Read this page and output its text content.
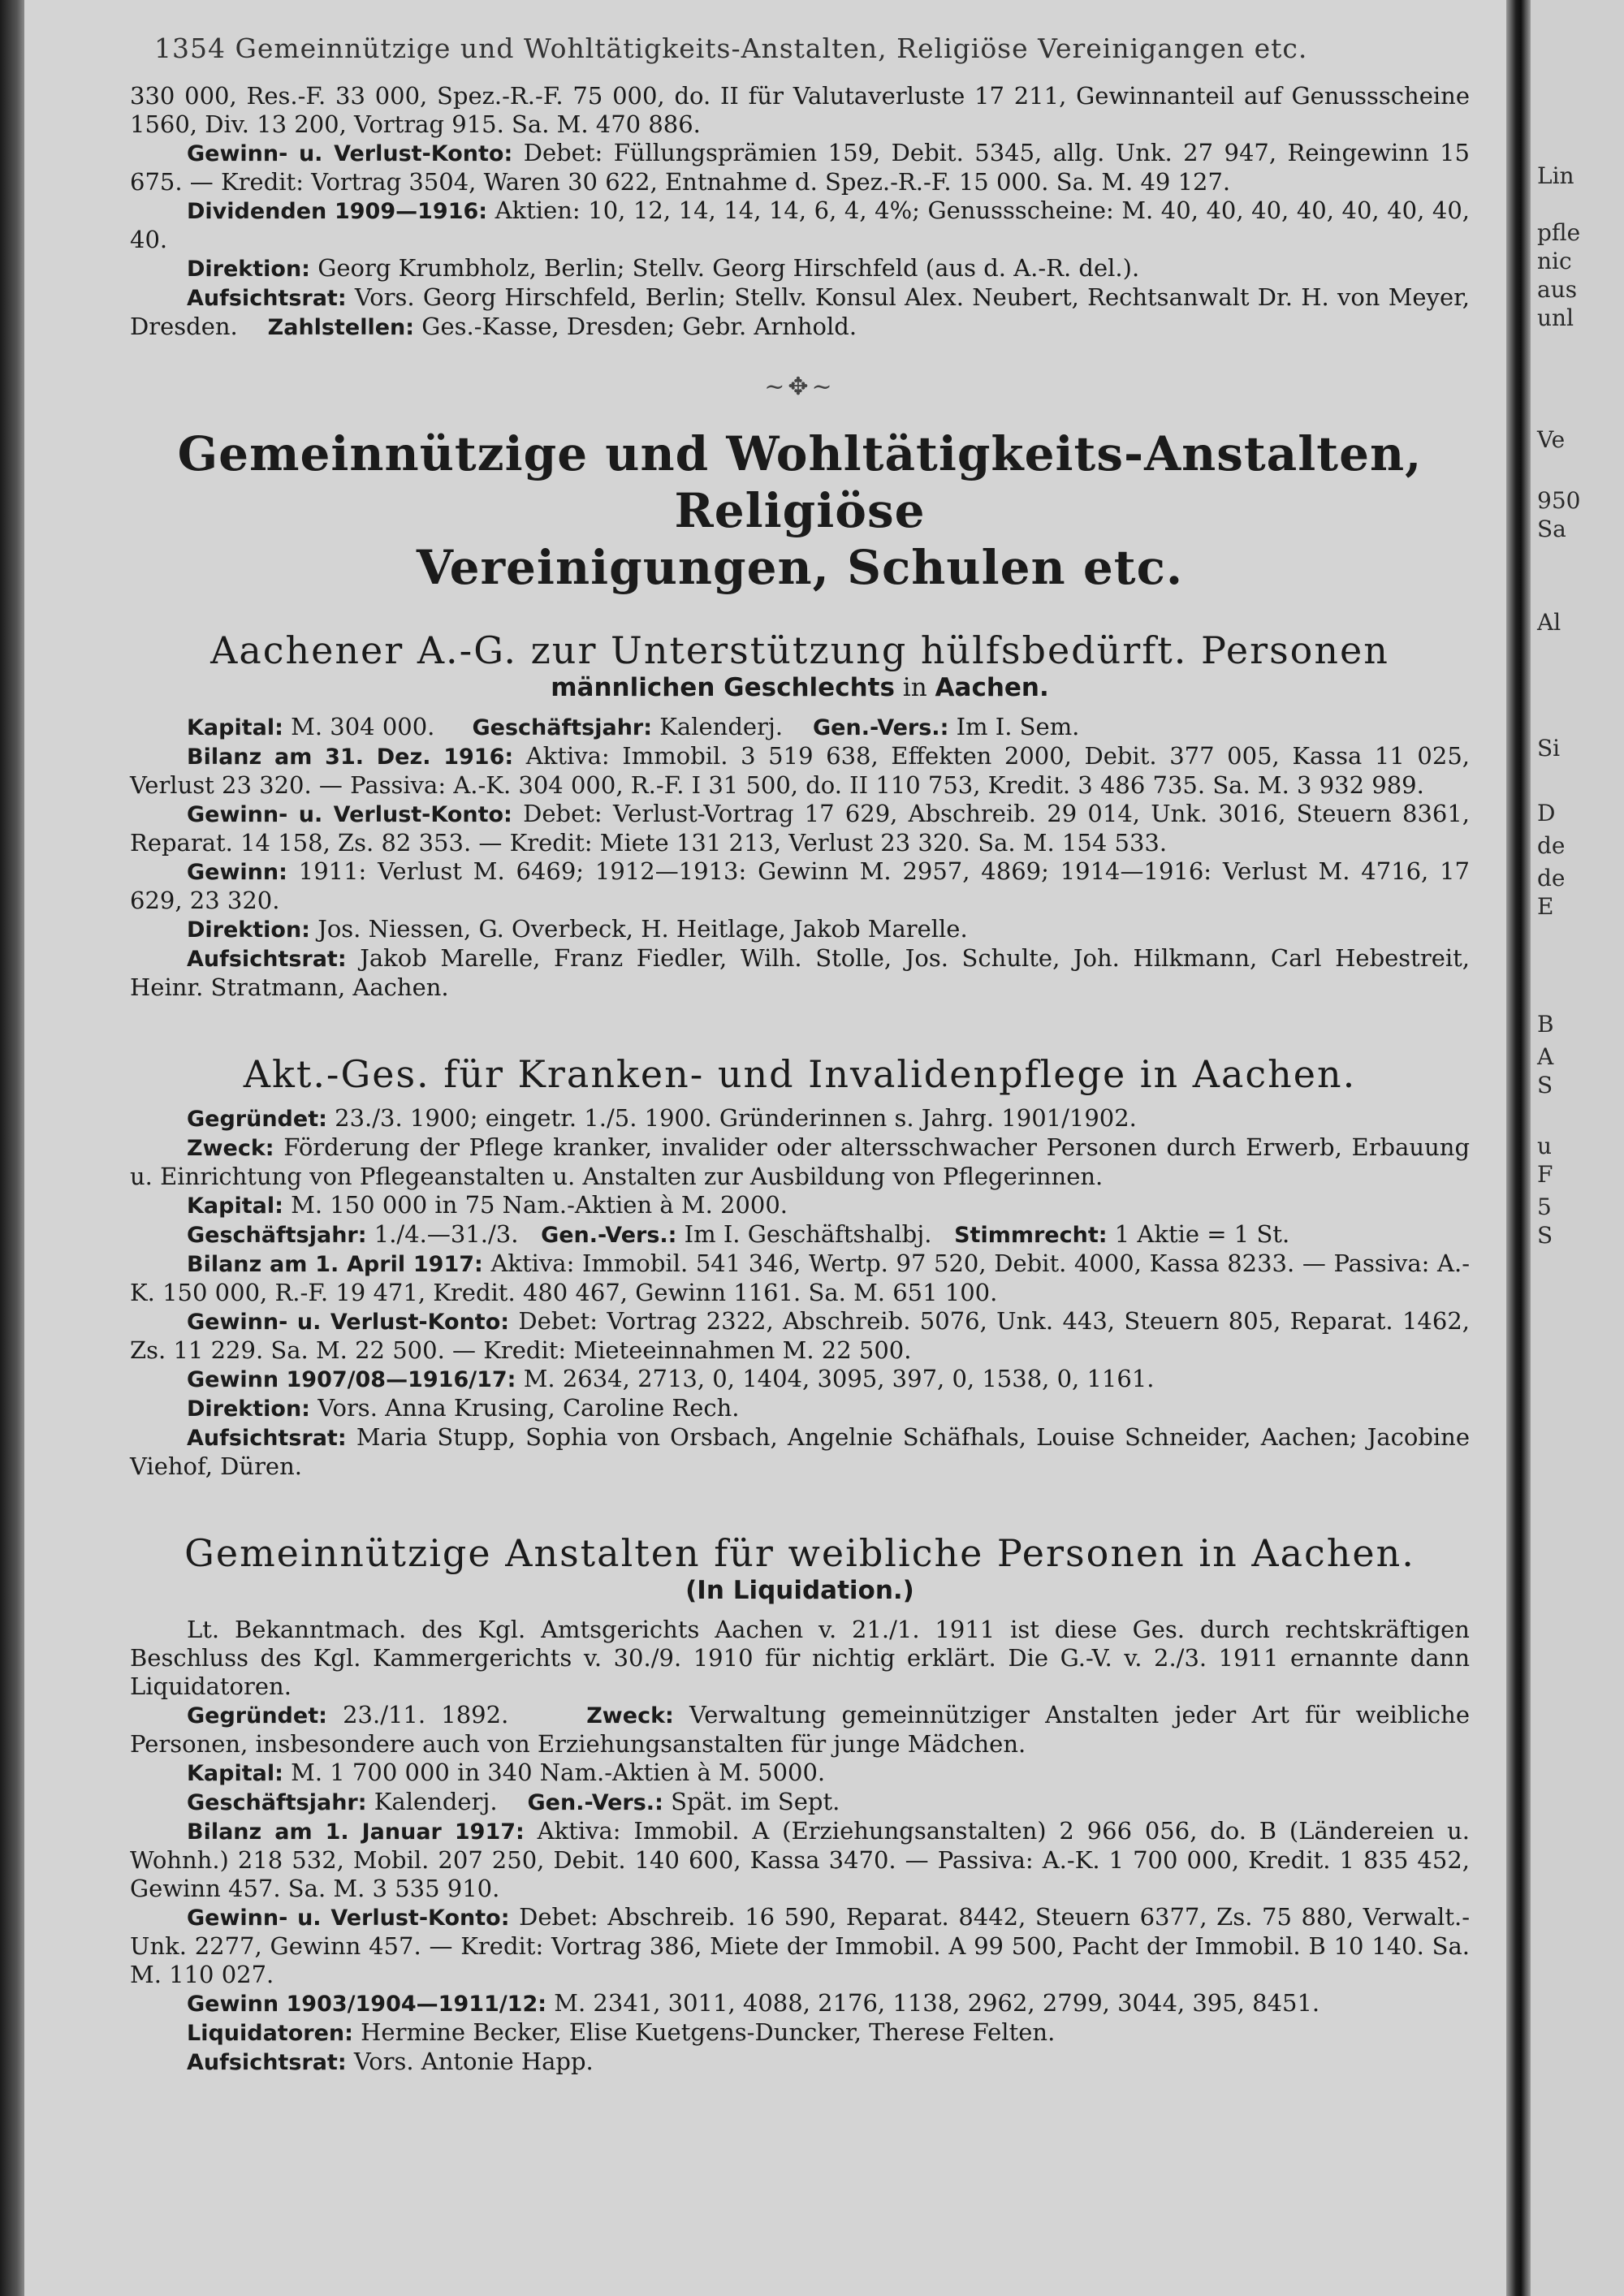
1354 Gemeinnützige und Wohltätigkeits-Anstalten, Religiöse Vereinigangen etc.

330 000, Res.-F. 33 000, Spez.-R.-F. 75 000, do. II für Valutaverluste 17 211, Gewinnanteil auf Genussscheine 1560, Div. 13 200, Vortrag 915. Sa. M. 470 886.

Gewinn- u. Verlust-Konto: Debet: Füllungsprämien 159, Debit. 5345, allg. Unk. 27 947, Reingewinn 15 675. — Kredit: Vortrag 3504, Waren 30 622, Entnahme d. Spez.-R.-F. 15 000. Sa. M. 49 127.

Dividenden 1909—1916: Aktien: 10, 12, 14, 14, 14, 6, 4, 4%; Genussscheine: M. 40, 40, 40, 40, 40, 40, 40, 40.

Direktion: Georg Krumbholz, Berlin; Stellv. Georg Hirschfeld (aus d. A.-R. del.).

Aufsichtsrat: Vors. Georg Hirschfeld, Berlin; Stellv. Konsul Alex. Neubert, Rechtsanwalt Dr. H. von Meyer, Dresden. Zahlstellen: Ges.-Kasse, Dresden; Gebr. Arnhold.

~✥~
Gemeinnützige und Wohltätigkeits-Anstalten, Religiöse
Vereinigungen, Schulen etc.
Aachener A.-G. zur Unterstützung hülfsbedürft. Personen
männlichen Geschlechts in Aachen.

Kapital: M. 304 000. Geschäftsjahr: Kalenderj. Gen.-Vers.: Im I. Sem.

Bilanz am 31. Dez. 1916: Aktiva: Immobil. 3 519 638, Effekten 2000, Debit. 377 005, Kassa 11 025, Verlust 23 320. — Passiva: A.-K. 304 000, R.-F. I 31 500, do. II 110 753, Kredit. 3 486 735. Sa. M. 3 932 989.

Gewinn- u. Verlust-Konto: Debet: Verlust-Vortrag 17 629, Abschreib. 29 014, Unk. 3016, Steuern 8361, Reparat. 14 158, Zs. 82 353. — Kredit: Miete 131 213, Verlust 23 320. Sa. M. 154 533.

Gewinn: 1911: Verlust M. 6469; 1912—1913: Gewinn M. 2957, 4869; 1914—1916: Verlust M. 4716, 17 629, 23 320.

Direktion: Jos. Niessen, G. Overbeck, H. Heitlage, Jakob Marelle.

Aufsichtsrat: Jakob Marelle, Franz Fiedler, Wilh. Stolle, Jos. Schulte, Joh. Hilkmann, Carl Hebestreit, Heinr. Stratmann, Aachen.

Akt.-Ges. für Kranken- und Invalidenpflege in Aachen.

Gegründet: 23./3. 1900; eingetr. 1./5. 1900. Gründerinnen s. Jahrg. 1901/1902.

Zweck: Förderung der Pflege kranker, invalider oder altersschwacher Personen durch Erwerb, Erbauung u. Einrichtung von Pflegeanstalten u. Anstalten zur Ausbildung von Pflegerinnen.

Kapital: M. 150 000 in 75 Nam.-Aktien à M. 2000.

Geschäftsjahr: 1./4.—31./3. Gen.-Vers.: Im I. Geschäftshalbj. Stimmrecht: 1 Aktie = 1 St.

Bilanz am 1. April 1917: Aktiva: Immobil. 541 346, Wertp. 97 520, Debit. 4000, Kassa 8233. — Passiva: A.-K. 150 000, R.-F. 19 471, Kredit. 480 467, Gewinn 1161. Sa. M. 651 100.

Gewinn- u. Verlust-Konto: Debet: Vortrag 2322, Abschreib. 5076, Unk. 443, Steuern 805, Reparat. 1462, Zs. 11 229. Sa. M. 22 500. — Kredit: Mieteeinnahmen M. 22 500.

Gewinn 1907/08—1916/17: M. 2634, 2713, 0, 1404, 3095, 397, 0, 1538, 0, 1161.

Direktion: Vors. Anna Krusing, Caroline Rech.

Aufsichtsrat: Maria Stupp, Sophia von Orsbach, Angelnie Schäfhals, Louise Schneider, Aachen; Jacobine Viehof, Düren.

Gemeinnützige Anstalten für weibliche Personen in Aachen.
(In Liquidation.)

Lt. Bekanntmach. des Kgl. Amtsgerichts Aachen v. 21./1. 1911 ist diese Ges. durch rechtskräftigen Beschluss des Kgl. Kammergerichts v. 30./9. 1910 für nichtig erklärt. Die G.-V. v. 2./3. 1911 ernannte dann Liquidatoren.

Gegründet: 23./11. 1892.	Zweck: Verwaltung gemeinnütziger Anstalten jeder Art für weibliche Personen, insbesondere auch von Erziehungsanstalten für junge Mädchen.

Kapital: M. 1 700 000 in 340 Nam.-Aktien à M. 5000.

Geschäftsjahr: Kalenderj. Gen.-Vers.: Spät. im Sept.

Bilanz am 1. Januar 1917: Aktiva: Immobil. A (Erziehungsanstalten) 2 966 056, do. B (Ländereien u. Wohnh.) 218 532, Mobil. 207 250, Debit. 140 600, Kassa 3470. — Passiva: A.-K. 1 700 000, Kredit. 1 835 452, Gewinn 457. Sa. M. 3 535 910.

Gewinn- u. Verlust-Konto: Debet: Abschreib. 16 590, Reparat. 8442, Steuern 6377, Zs. 75 880, Verwalt.-Unk. 2277, Gewinn 457. — Kredit: Vortrag 386, Miete der Immobil. A 99 500, Pacht der Immobil. B 10 140. Sa. M. 110 027.

Gewinn 1903/1904—1911/12: M. 2341, 3011, 4088, 2176, 1138, 2962, 2799, 3044, 395, 8451.

Liquidatoren: Hermine Becker, Elise Kuetgens-Duncker, Therese Felten.

Aufsichtsrat: Vors. Antonie Happ.

Lin
pfle
nic
aus
unl
Ve
950
Sa
Al
Si
D
de
de
E
B
A
S
u
F
5
S
